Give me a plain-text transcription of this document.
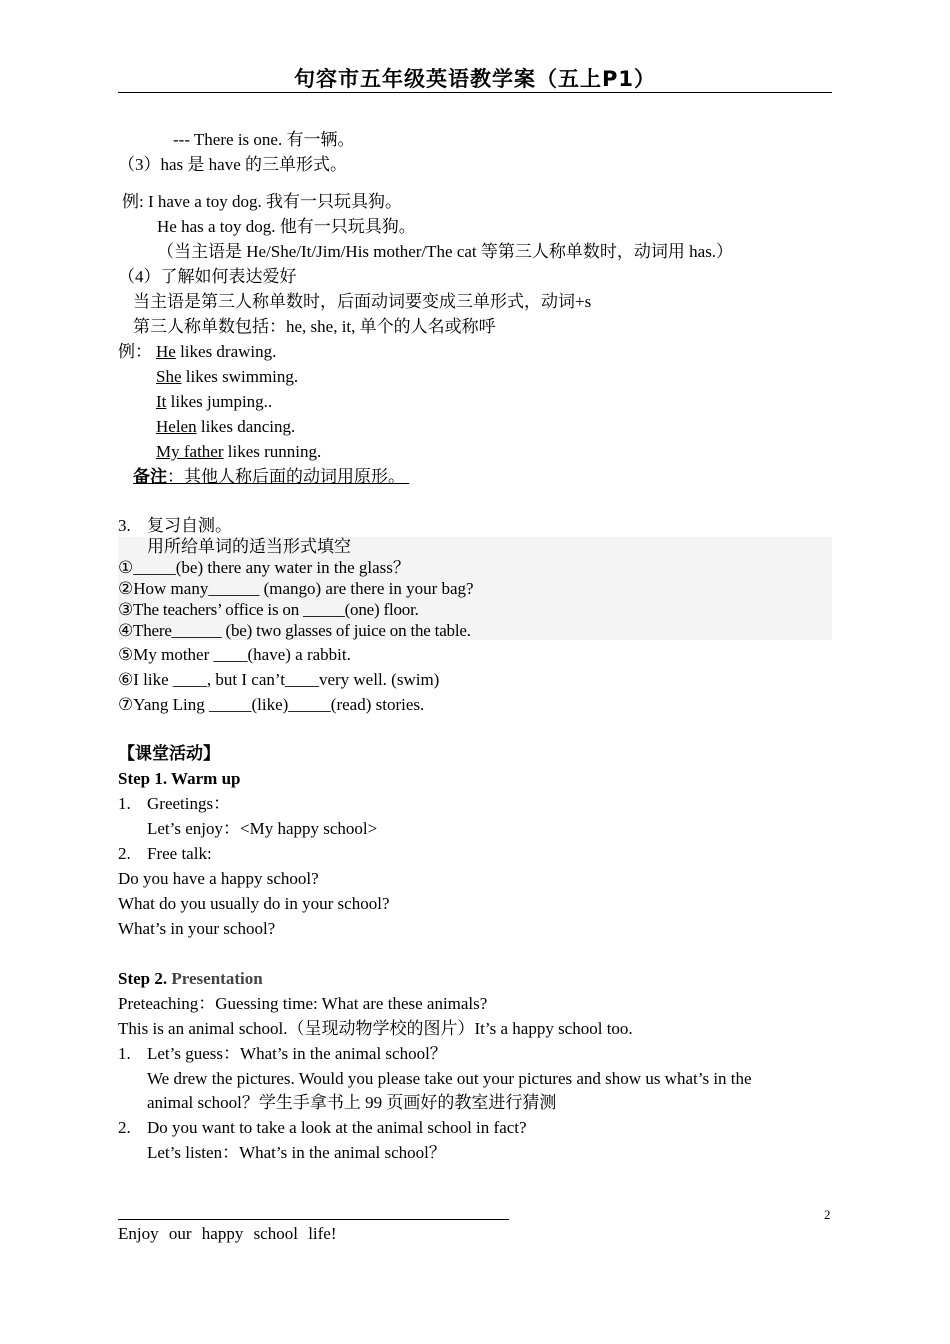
句容市五年级英语教学案（五上P1）
--- There is one. 有一辆。
（3）has 是 have 的三单形式。
例: I have a toy dog. 我有一只玩具狗。
He has a toy dog. 他有一只玩具狗。
（当主语是 He/She/It/Jim/His mother/The cat 等第三人称单数时，动词用 has.）
（4）了解如何表达爱好
当主语是第三人称单数时，后面动词要变成三单形式，动词+s
第三人称单数包括：he, she, it, 单个的人名或称呼
例： He likes drawing.
She likes swimming.
It likes jumping..
Helen likes dancing.
My father likes running.
备注：其他人称后面的动词用原形。
3. 复习自测。
用所给单词的适当形式填空
①_____(be) there any water in the glass？
②How many______ (mango) are there in your bag?
③The teachers’ office is on _____(one) floor.
④There______ (be) two glasses of juice on the table.
⑤My mother ____(have) a rabbit.
⑥I like ____, but I can’t____very well. (swim)
⑦Yang Ling _____(like)_____(read) stories.
【课堂活动】
Step 1. Warm up
1. Greetings：
Let’s enjoy：<My happy school>
2. Free talk:
Do you have a happy school?
What do you usually do in your school?
What’s in your school?
Step 2. Presentation
Preteaching：Guessing time: What are these animals?
This is an animal school.（呈现动物学校的图片）It’s a happy school too.
1. Let’s guess：What’s in the animal school？
We drew the pictures. Would you please take out your pictures and show us what’s in the
animal school？学生手拿书上 99 页画好的教室进行猜测
2. Do you want to take a look at the animal school in fact?
Let’s listen：What’s in the animal school？
2
Enjoy our happy school life!
